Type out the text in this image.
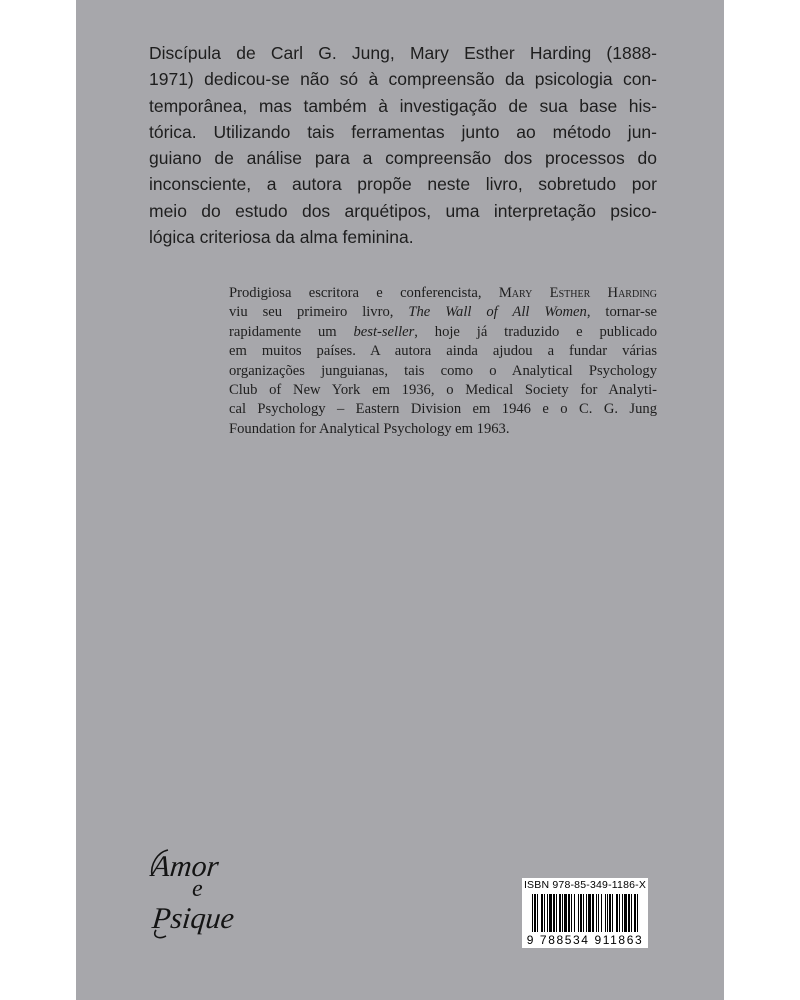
Discípula de Carl G. Jung, Mary Esther Harding (1888-
1971) dedicou-se não só à compreensão da psicologia con-
temporânea, mas também à investigação de sua base his-
tórica. Utilizando tais ferramentas junto ao método jun-
guiano de análise para a compreensão dos processos do
inconsciente, a autora propõe neste livro, sobretudo por
meio do estudo dos arquétipos, uma interpretação psico-
lógica criteriosa da alma feminina.
Prodigiosa escritora e conferencista, Mary Esther Harding
viu seu primeiro livro, The Wall of All Women, tornar-se
rapidamente um best-seller, hoje já traduzido e publicado
em muitos países. A autora ainda ajudou a fundar várias
organizações junguianas, tais como o Analytical Psychology
Club of New York em 1936, o Medical Society for Analyti-
cal Psychology – Eastern Division em 1946 e o C. G. Jung
Foundation for Analytical Psychology em 1963.
Amor
e
Psique
ISBN 978-85-349-1186-X
9 788534 911863
